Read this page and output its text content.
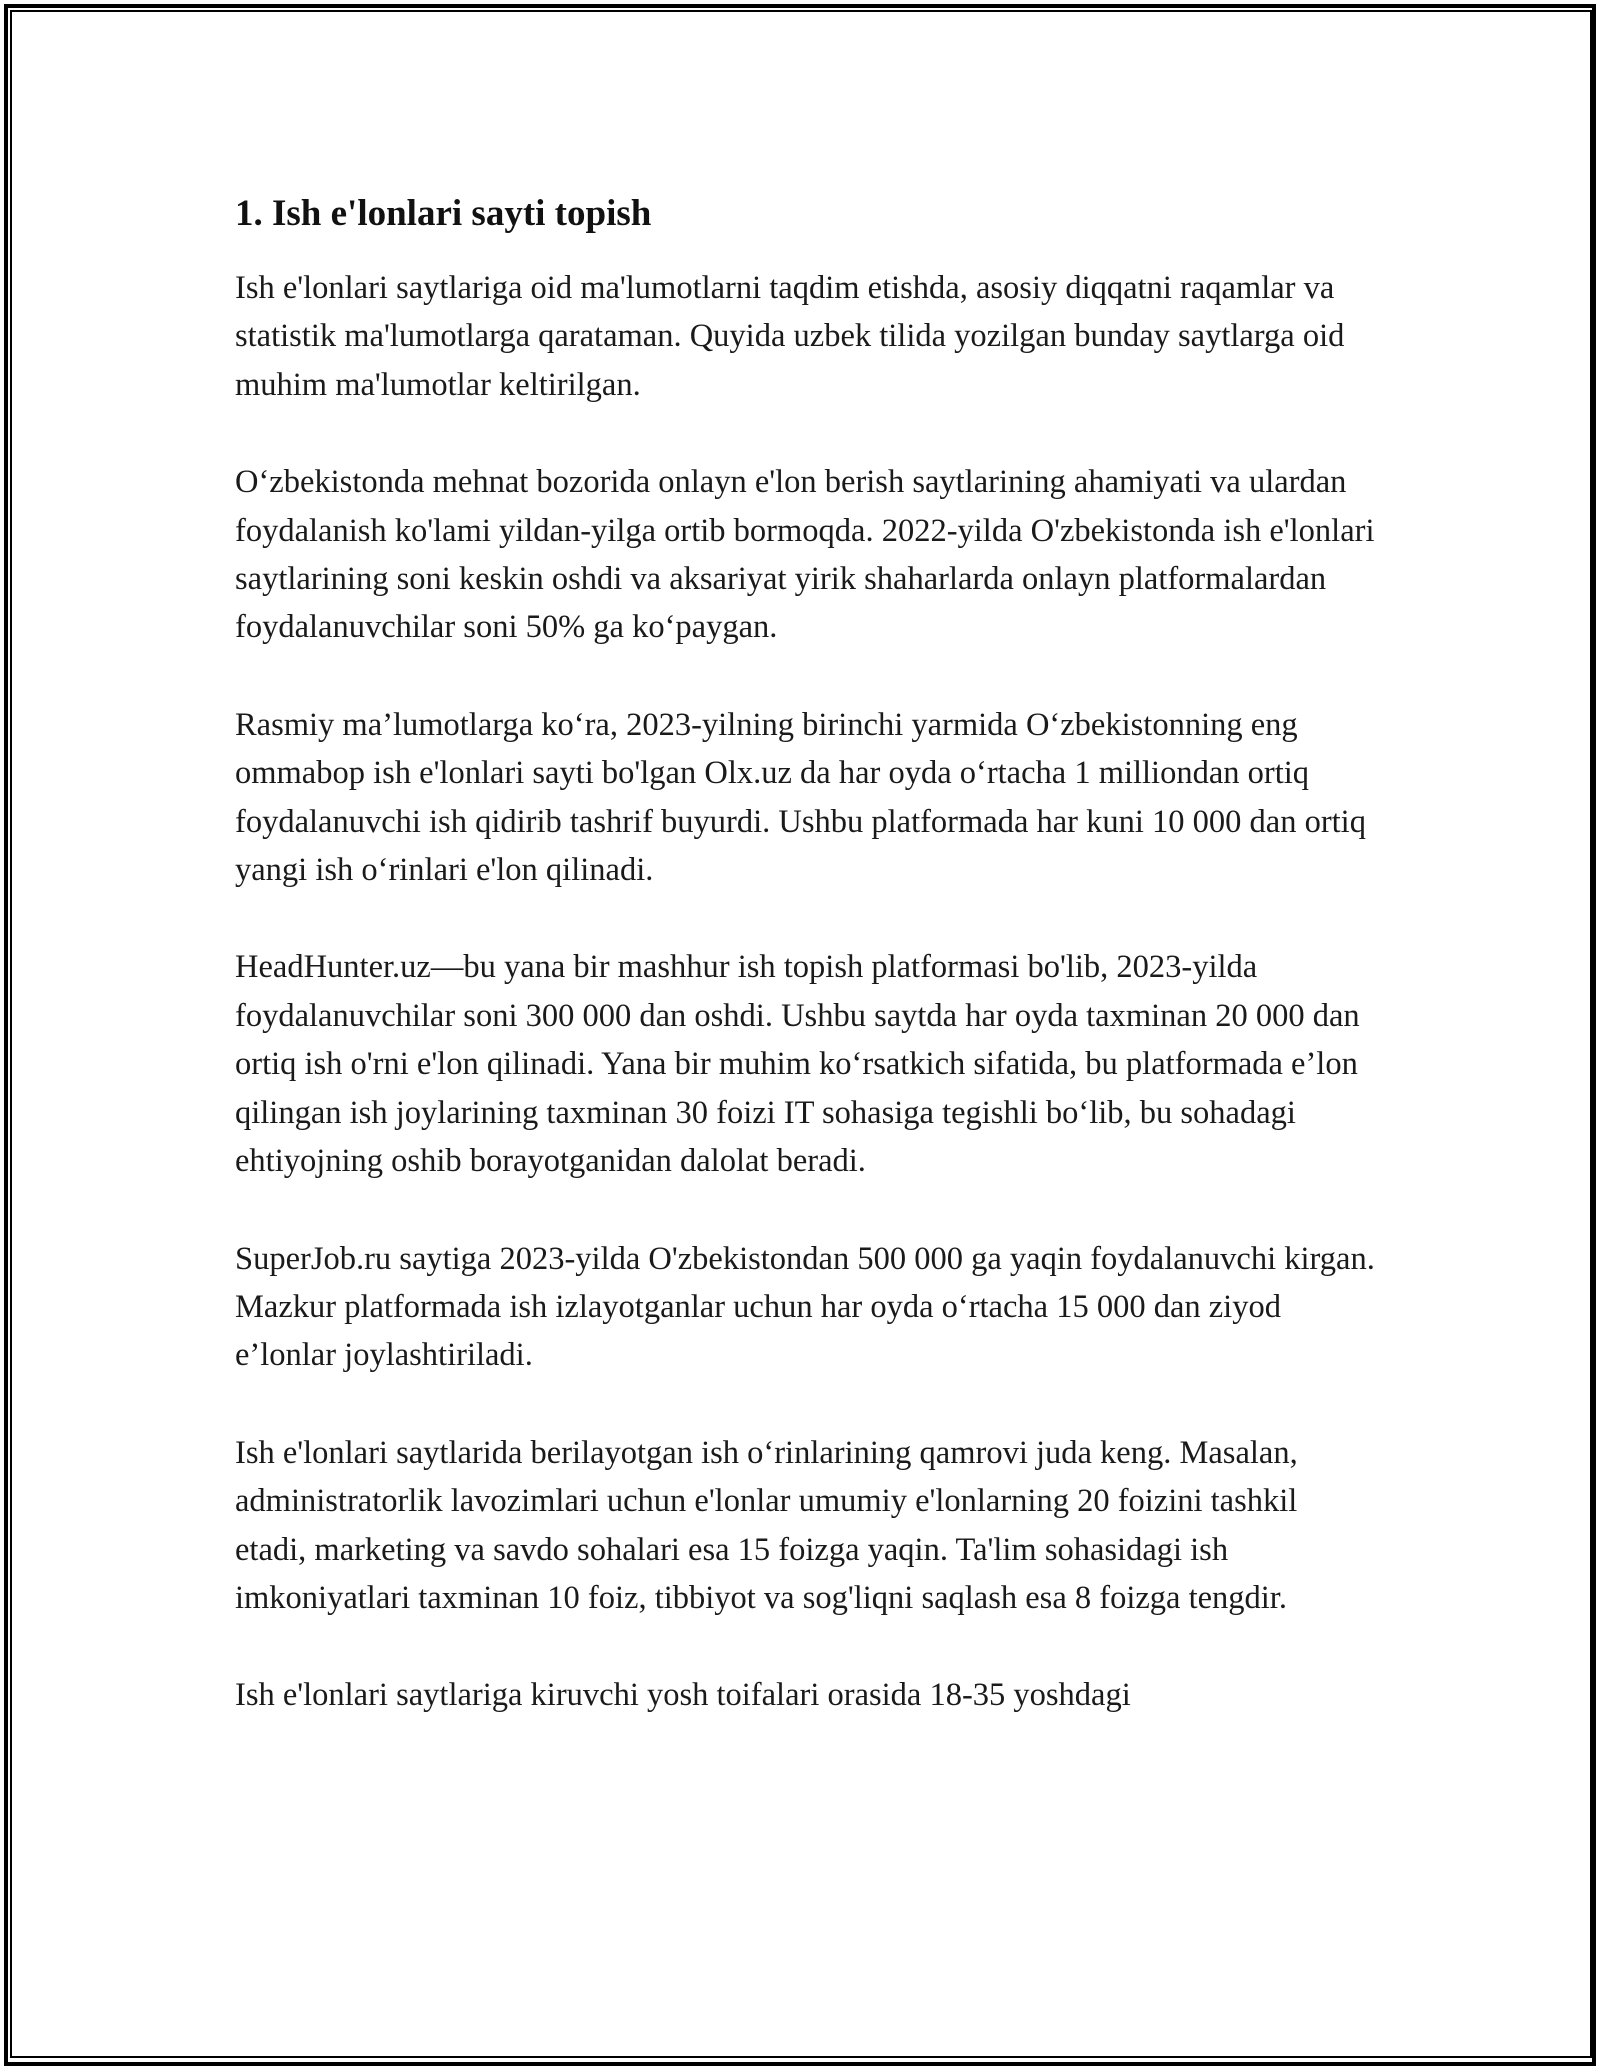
1. Ish e'lonlari sayti topish

Ish e'lonlari saytlariga oid ma'lumotlarni taqdim etishda, asosiy diqqatni raqamlar va statistik ma'lumotlarga qarataman. Quyida uzbek tilida yozilgan bunday saytlarga oid muhim ma'lumotlar keltirilgan.

O‘zbekistonda mehnat bozorida onlayn e'lon berish saytlarining ahamiyati va ulardan foydalanish ko'lami yildan-yilga ortib bormoqda. 2022-yilda O'zbekistonda ish e'lonlari saytlarining soni keskin oshdi va aksariyat yirik shaharlarda onlayn platformalardan foydalanuvchilar soni 50% ga ko‘paygan.

Rasmiy ma’lumotlarga ko‘ra, 2023-yilning birinchi yarmida O‘zbekistonning eng ommabop ish e'lonlari sayti bo'lgan Olx.uz da har oyda o‘rtacha 1 milliondan ortiq foydalanuvchi ish qidirib tashrif buyurdi. Ushbu platformada har kuni 10 000 dan ortiq yangi ish o‘rinlari e'lon qilinadi.

HeadHunter.uz—bu yana bir mashhur ish topish platformasi bo'lib, 2023-yilda foydalanuvchilar soni 300 000 dan oshdi. Ushbu saytda har oyda taxminan 20 000 dan ortiq ish o'rni e'lon qilinadi. Yana bir muhim ko‘rsatkich sifatida, bu platformada e’lon qilingan ish joylarining taxminan 30 foizi IT sohasiga tegishli bo‘lib, bu sohadagi ehtiyojning oshib borayotganidan dalolat beradi.

SuperJob.ru saytiga 2023-yilda O'zbekistondan 500 000 ga yaqin foydalanuvchi kirgan. Mazkur platformada ish izlayotganlar uchun har oyda o‘rtacha 15 000 dan ziyod e’lonlar joylashtiriladi.

Ish e'lonlari saytlarida berilayotgan ish o‘rinlarining qamrovi juda keng. Masalan, administratorlik lavozimlari uchun e'lonlar umumiy e'lonlarning 20 foizini tashkil etadi, marketing va savdo sohalari esa 15 foizga yaqin. Ta'lim sohasidagi ish imkoniyatlari taxminan 10 foiz, tibbiyot va sog'liqni saqlash esa 8 foizga tengdir.

Ish e'lonlari saytlariga kiruvchi yosh toifalari orasida 18-35 yoshdagi
